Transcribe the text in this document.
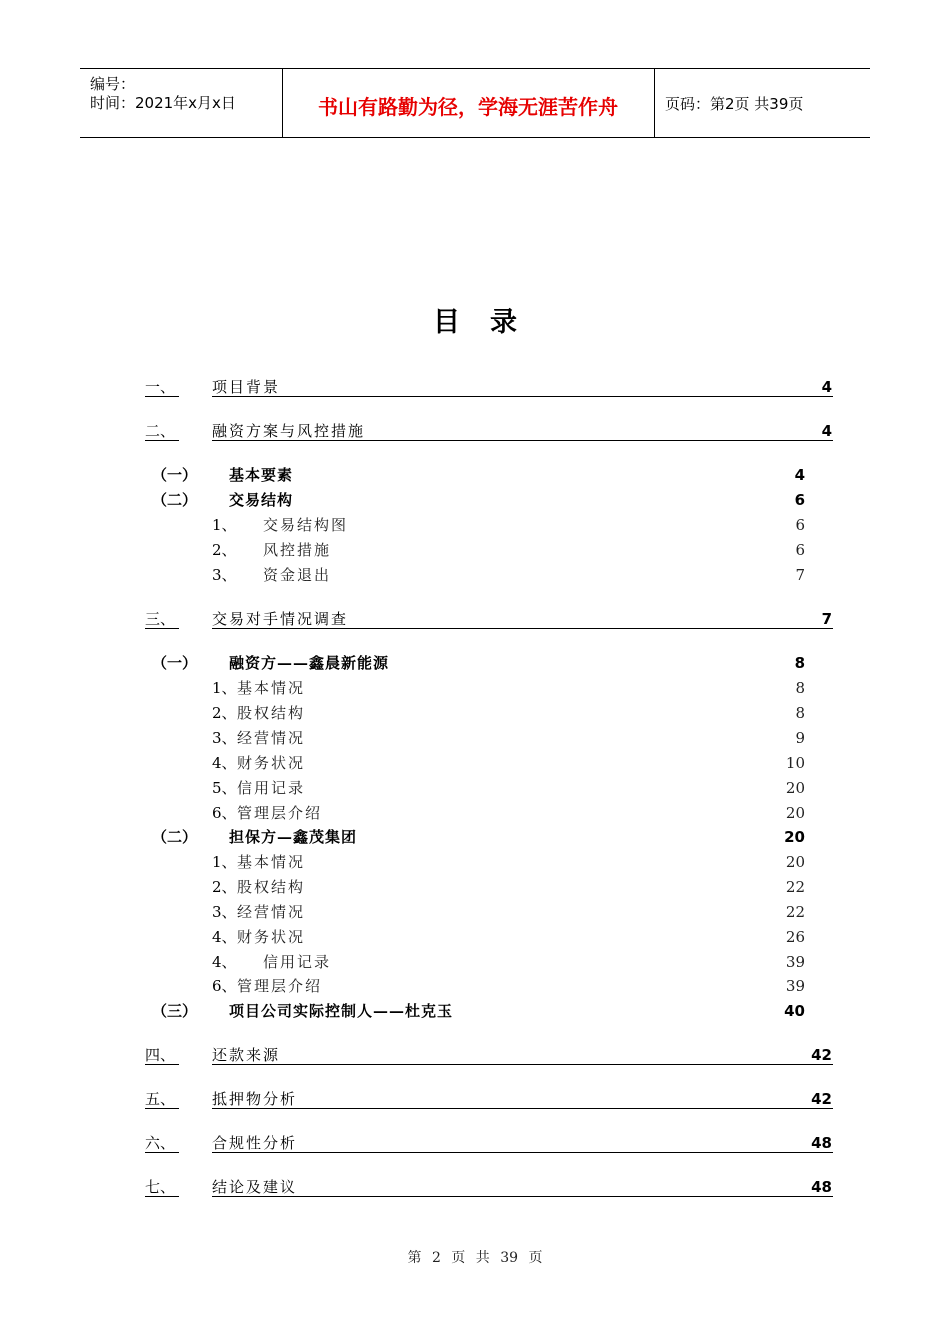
编号：
时间：2021年x月x日	书山有路勤为径，学海无涯苦作舟	页码：第2页 共39页
目录
一、 项目背景	4
二、 融资方案与风控措施	4
（一） 基本要素	4
（二） 交易结构	6
1、 交易结构图	6
2、 风控措施	6
3、 资金退出	7
三、 交易对手情况调查	7
（一） 融资方——鑫晨新能源	8
1、 基本情况	8
2、 股权结构	8
3、 经营情况	9
4、 财务状况	10
5、 信用记录	20
6、 管理层介绍	20
（二） 担保方—鑫茂集团	20
1、 基本情况	20
2、 股权结构	22
3、 经营情况	22
4、 财务状况	26
4、 信用记录	39
6、 管理层介绍	39
（三） 项目公司实际控制人——杜克玉	40
四、 还款来源	42
五、 抵押物分析	42
六、 合规性分析	48
七、 结论及建议	48
第 2 页 共 39 页
